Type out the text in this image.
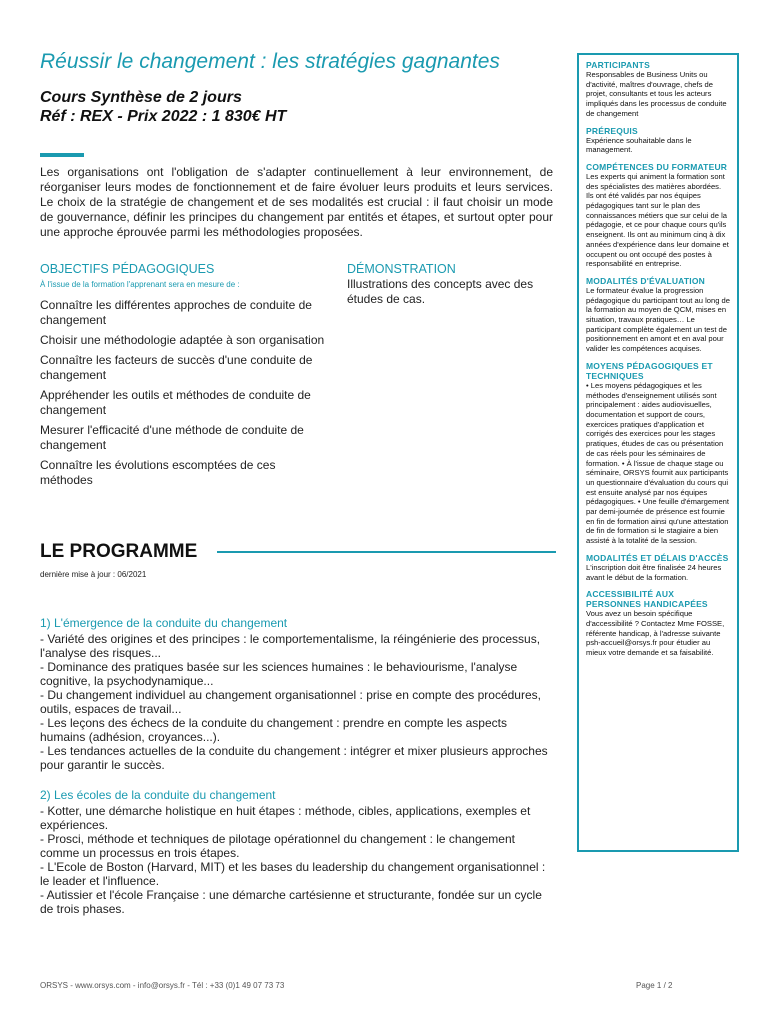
Réussir le changement : les stratégies gagnantes
Cours Synthèse de 2 jours
Réf : REX - Prix 2022 : 1 830€ HT

Les organisations ont l'obligation de s'adapter continuellement à leur environnement, de réorganiser leurs modes de fonctionnement et de faire évoluer leurs produits et leurs services. Le choix de la stratégie de changement et de ses modalités est crucial : il faut choisir un mode de gouvernance, définir les principes du changement par entités et étapes, et surtout opter pour une approche éprouvée parmi les méthodologies proposées.

OBJECTIFS PÉDAGOGIQUES
À l'issue de la formation l'apprenant sera en mesure de :
Connaître les différentes approches de conduite de changement
Choisir une méthodologie adaptée à son organisation
Connaître les facteurs de succès d'une conduite de changement
Appréhender les outils et méthodes de conduite de changement
Mesurer l'efficacité d'une méthode de conduite de changement
Connaître les évolutions escomptées de ces méthodes
DÉMONSTRATION
Illustrations des concepts avec des études de cas.
LE PROGRAMME
dernière mise à jour : 06/2021
1) L'émergence de la conduite du changement
- Variété des origines et des principes : le comportementalisme, la réingénierie des processus, l'analyse des risques...
- Dominance des pratiques basée sur les sciences humaines : le behaviourisme, l'analyse cognitive, la psychodynamique...
- Du changement individuel au changement organisationnel : prise en compte des procédures, outils, espaces de travail...
- Les leçons des échecs de la conduite du changement : prendre en compte les aspects humains (adhésion, croyances...).
- Les tendances actuelles de la conduite du changement : intégrer et mixer plusieurs approches pour garantir le succès.
2) Les écoles de la conduite du changement
- Kotter, une démarche holistique en huit étapes : méthode, cibles, applications, exemples et expériences.
- Prosci, méthode et techniques de pilotage opérationnel du changement : le changement comme un processus en trois étapes.
- L'Ecole de Boston (Harvard, MIT) et les bases du leadership du changement organisationnel : le leader et l'influence.
- Autissier et l'école Française : une démarche cartésienne et structurante, fondée sur un cycle de trois phases.
PARTICIPANTS

Responsables de Business Units ou d'activité, maîtres d'ouvrage, chefs de projet, consultants et tous les acteurs impliqués dans les processus de conduite de changement

PRÉREQUIS

Expérience souhaitable dans le management.

COMPÉTENCES DU FORMATEUR

Les experts qui animent la formation sont des spécialistes des matières abordées. Ils ont été validés par nos équipes pédagogiques tant sur le plan des connaissances métiers que sur celui de la pédagogie, et ce pour chaque cours qu'ils enseignent. Ils ont au minimum cinq à dix années d'expérience dans leur domaine et occupent ou ont occupé des postes à responsabilité en entreprise.

MODALITÉS D'ÉVALUATION

Le formateur évalue la progression pédagogique du participant tout au long de la formation au moyen de QCM, mises en situation, travaux pratiques… Le participant complète également un test de positionnement en amont et en aval pour valider les compétences acquises.

MOYENS PÉDAGOGIQUES ET TECHNIQUES

• Les moyens pédagogiques et les méthodes d'enseignement utilisés sont principalement : aides audiovisuelles, documentation et support de cours, exercices pratiques d'application et corrigés des exercices pour les stages pratiques, études de cas ou présentation de cas réels pour les séminaires de formation. • À l'issue de chaque stage ou séminaire, ORSYS fournit aux participants un questionnaire d'évaluation du cours qui est ensuite analysé par nos équipes pédagogiques. • Une feuille d'émargement par demi-journée de présence est fournie en fin de formation ainsi qu'une attestation de fin de formation si le stagiaire a bien assisté à la totalité de la session.

MODALITÉS ET DÉLAIS D'ACCÈS

L'inscription doit être finalisée 24 heures avant le début de la formation.

ACCESSIBILITÉ AUX PERSONNES HANDICAPÉES

Vous avez un besoin spécifique d'accessibilité ? Contactez Mme FOSSE, référente handicap, à l'adresse suivante psh-accueil@orsys.fr pour étudier au mieux votre demande et sa faisabilité.

ORSYS - www.orsys.com - info@orsys.fr - Tél : +33 (0)1 49 07 73 73	Page 1 / 2
